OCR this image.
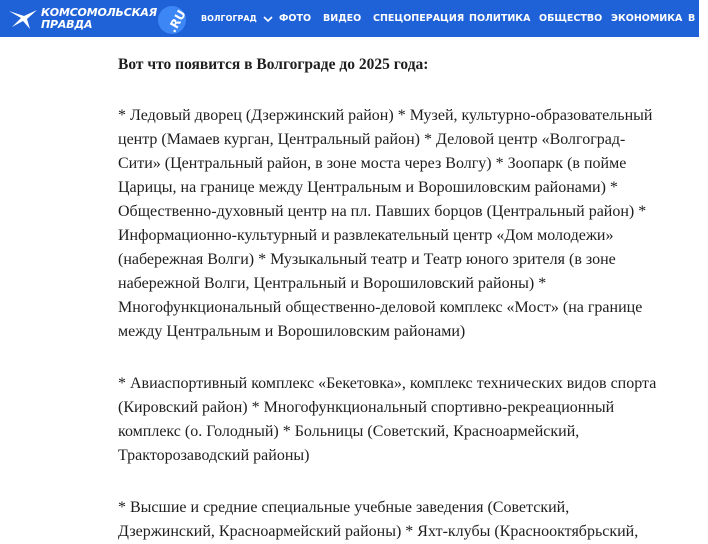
КОМСОМОЛЬСКАЯ
ПРАВДА	.RU ВОЛГОГРАД ФОТО ВИДЕО СПЕЦОПЕРАЦИЯ ПОЛИТИКА ОБЩЕСТВО ЭКОНОМИКА В М
Вот что появится в Волгограде до 2025 года:

* Ледовый дворец (Дзержинский район) * Музей, культурно-образовательный
центр (Мамаев курган, Центральный район) * Деловой центр «Волгоград-
Сити» (Центральный район, в зоне моста через Волгу) * Зоопарк (в пойме
Царицы, на границе между Центральным и Ворошиловским районами) *
Общественно-духовный центр на пл. Павших борцов (Центральный район) *
Информационно-культурный и развлекательный центр «Дом молодежи»
(набережная Волги) * Музыкальный театр и Театр юного зрителя (в зоне
набережной Волги, Центральный и Ворошиловский районы) *
Многофункциональный общественно-деловой комплекс «Мост» (на границе
между Центральным и Ворошиловским районами)

* Авиаспортивный комплекс «Бекетовка», комплекс технических видов спорта
(Кировский район) * Многофункциональный спортивно-рекреационный
комплекс (о. Голодный) * Больницы (Советский, Красноармейский,
Тракторозаводский районы)

* Высшие и средние специальные учебные заведения (Советский,
Дзержинский, Красноармейский районы) * Яхт-клубы (Краснооктябрьский,
